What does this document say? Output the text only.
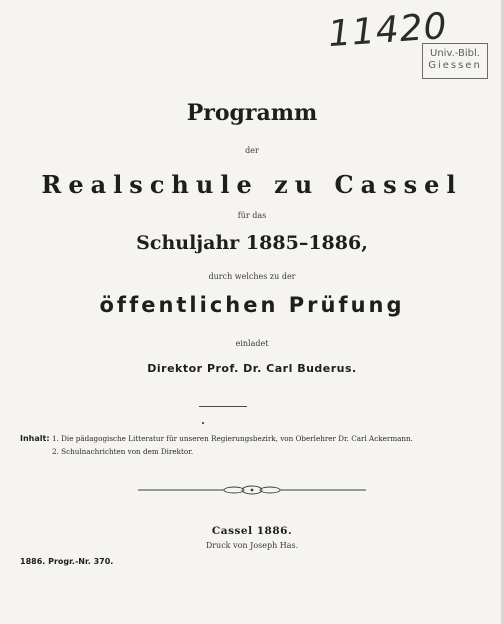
11420
Univ.-Bibl.
Giessen
Programm
der
Realschule zu Cassel
für das
Schuljahr 1885–1886,
durch welches zu der
öffentlichen Prüfung
einladet
Direktor Prof. Dr. Carl Buderus.
•
Inhalt: 1. Die pädagogische Litteratur für unseren Regierungsbezirk, von Oberlehrer Dr. Carl Ackermann.
2. Schulnachrichten von dem Direktor.
Cassel 1886.
Druck von Joseph Has.
1886. Progr.-Nr. 370.
